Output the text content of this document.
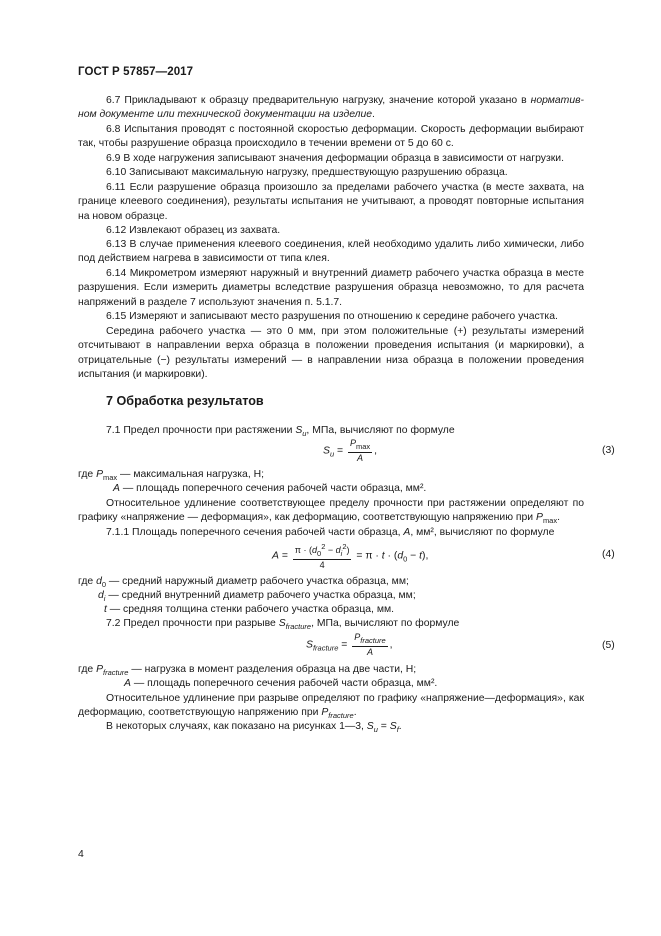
ГОСТ Р 57857—2017
6.7 Прикладывают к образцу предварительную нагрузку, значение которой указано в нормативном документе или технической документации на изделие.
6.8 Испытания проводят с постоянной скоростью деформации. Скорость деформации выбирают так, чтобы разрушение образца происходило в течении времени от 5 до 60 с.
6.9 В ходе нагружения записывают значения деформации образца в зависимости от нагрузки.
6.10 Записывают максимальную нагрузку, предшествующую разрушению образца.
6.11 Если разрушение образца произошло за пределами рабочего участка (в месте захвата, на границе клеевого соединения), результаты испытания не учитывают, а проводят повторные испытания на новом образце.
6.12 Извлекают образец из захвата.
6.13 В случае применения клеевого соединения, клей необходимо удалить либо химически, либо под действием нагрева в зависимости от типа клея.
6.14 Микрометром измеряют наружный и внутренний диаметр рабочего участка образца в месте разрушения. Если измерить диаметры вследствие разрушения образца невозможно, то для расчета напряжений в разделе 7 используют значения п. 5.1.7.
6.15 Измеряют и записывают место разрушения по отношению к середине рабочего участка.
Середина рабочего участка — это 0 мм, при этом положительные (+) результаты измерений отсчитывают в направлении верха образца в положении проведения испытания (и маркировки), а отрицательные (−) результаты измерений — в направлении низа образца в положении проведения испытания (и маркировки).
7 Обработка результатов
7.1 Предел прочности при растяжении $S_u$, МПа, вычисляют по формуле
$S_u = \frac{P_{max}}{A}$ ,	(3)
где $P_{max}$ — максимальная нагрузка, Н;
A — площадь поперечного сечения рабочей части образца, мм².
Относительное удлинение соответствующее пределу прочности при растяжении определяют по графику «напряжение — деформация», как деформацию, соответствующую напряжению при $P_{max}$.
7.1.1 Площадь поперечного сечения рабочей части образца, A, мм², вычисляют по формуле
$A = \frac{\pi \cdot (d_0^2 - d_i^2)}{4} = \pi \cdot t \cdot (d_0 - t)$,	(4)
где $d_0$ — средний наружный диаметр рабочего участка образца, мм;
$d_i$ — средний внутренний диаметр рабочего участка образца, мм;
t — средняя толщина стенки рабочего участка образца, мм.
7.2 Предел прочности при разрыве $S_{fracture}$, МПа, вычисляют по формуле
$S_{fracture} = \frac{P_{fracture}}{A}$ ,	(5)
где $P_{fracture}$ — нагрузка в момент разделения образца на две части, Н;
A — площадь поперечного сечения рабочей части образца, мм².
Относительное удлинение при разрыве определяют по графику «напряжение—деформация», как деформацию, соответствующую напряжению при $P_{fracture}$.
В некоторых случаях, как показано на рисунках 1—3, $S_u = S_f$.
4
